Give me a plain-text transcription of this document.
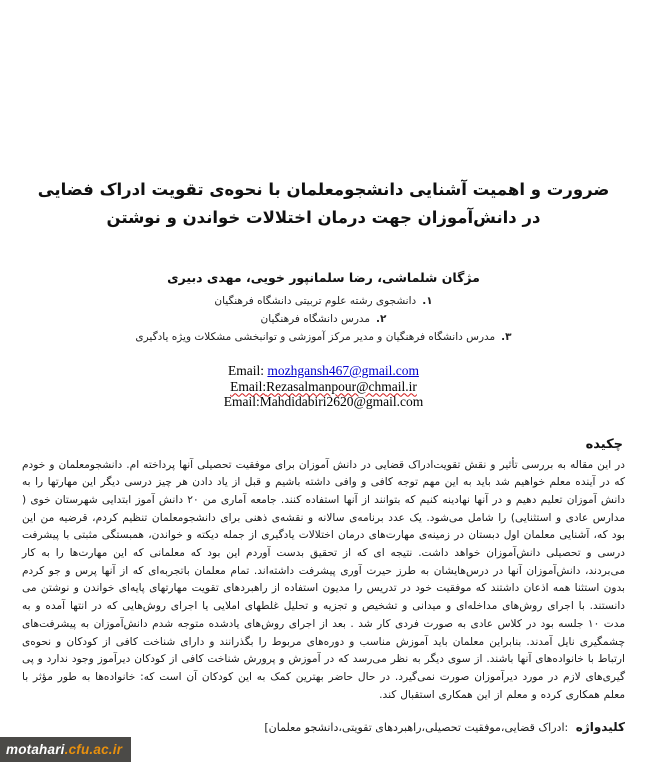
ضرورت و اهمیت آشنایی دانشجومعلمان با نحوه‌ی تقویت ادراک فضایی
در دانش‌آموزان جهت درمان اختلالات خواندن و نوشتن
مژگان شلماشی، رضا سلمانپور خویی، مهدی دبیری
۱.دانشجوی رشته علوم تربیتی دانشگاه فرهنگیان
۲.مدرس دانشگاه فرهنگیان
۳.مدرس دانشگاه فرهنگیان و مدیر مرکز آموزشی و توانبخشی مشکلات ویژه یادگیری
Email: mozhgansh467@gmail.com
Email:Rezasalmanpour@chmail.ir
Email:Mahdidabiri2620@gmail.com
چکیده
در این مقاله به بررسی تأثیر و نقش تقویت‌ادراک قضایی در دانش آموزان برای موفقیت تحصیلی آنها پرداخته ام. دانشجومعلمان و خودم که در آینده معلم خواهیم شد باید به این مهم توجه کافی و وافی داشته باشیم و قبل از یاد دادن هر چیز درسی دیگر این مهارتها را به دانش آموزان تعلیم دهیم و در آنها نهادینه کنیم که بتوانند از آنها استفاده کنند. جامعه آماری من ۲۰ دانش آموز ابتدایی شهرستان خوی ( مدارس عادی و استثنایی) را شامل می‌شود. یک عدد برنامه‌ی سالانه و نقشه‌ی ذهنی برای دانشجومعلمان تنظیم کردم، قرضیه من این بود که، آشنایی معلمان اول دبستان در زمینه‌ی مهارت‌های درمان اختلالات یادگیری از جمله دیکته و خواندن، همبستگی مثبتی با پیشرفت درسی و تحصیلی دانش‌آموزان خواهد داشت. نتیجه ای که از تحقیق بدست آوردم این بود که معلمانی که این مهارت‌ها را به کار می‌بردند، دانش‌آموزان آنها در درس‌هایشان به طرز حیرت آوری پیشرفت داشته‌اند. تمام معلمان باتجربه‌ای که از آنها پرس و جو کردم بدون استثنا همه اذعان داشتند که موفقیت خود در تدریس را مدیون استفاده از راهبردهای تقویت مهارتهای پایه‌ای خواندن و نوشتن می دانستند. با اجرای روش‌های مداخله‌ای و میدانی و تشخیص و تجزیه و تحلیل غلطهای املایی یا اجرای روش‌هایی که در انتها آمده و به مدت ۱۰ جلسه بود در کلاس عادی به صورت فردی کار شد . بعد از اجرای روش‌های یادشده متوجه شدم دانش‌آموزان به پیشرفت‌های چشمگیری نایل آمدند. بنابراین معلمان باید آموزش مناسب و دوره‌های مربوط را بگذرانند و دارای شناخت کافی از کودکان و نحوه‌ی ارتباط با خانواده‌های آنها باشند. از سوی دیگر به نظر می‌رسد که در آموزش و پرورش شناخت کافی از کودکان دیرآموز وجود ندارد و پی گیری‌های لازم در مورد دیرآموزان صورت نمی‌گیرد. در حال حاضر بهترین کمک به این کودکان آن است که: خانواده‌ها به طور مؤثر با معلم همکاری کرده و معلم از این همکاری استقبال کند.
کلیدواژه :ادراک قضایی،موفقیت تحصیلی،راهبردهای تقویتی،دانشجو معلمان]
motahari .cfu.ac.ir
